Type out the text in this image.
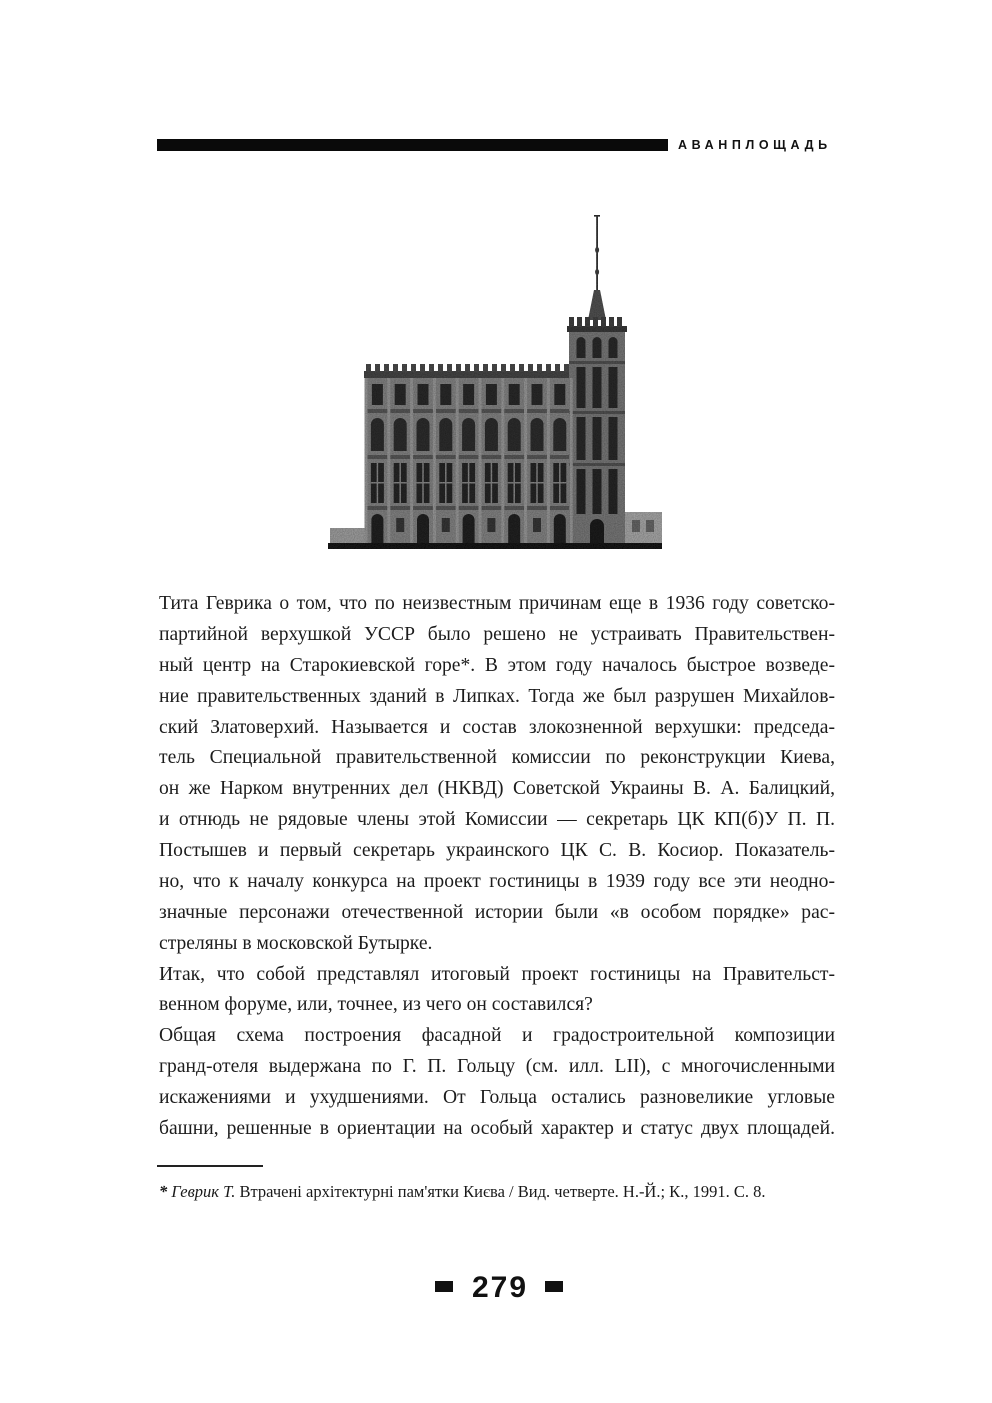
АВАНПЛОЩАДЬ
Тита Геврика о том, что по неизвестным причинам еще в 1936 году советско-
партийной верхушкой УССР было решено не устраивать Правительствен-
ный центр на Старокиевской горе*. В этом году началось быстрое возведе-
ние правительственных зданий в Липках. Тогда же был разрушен Михайлов-
ский Златоверхий. Называется и состав злокозненной верхушки: председа-
тель Специальной правительственной комиссии по реконструкции Киева,
он же Нарком внутренних дел (НКВД) Советской Украины В. А. Балицкий,
и отнюдь не рядовые члены этой Комиссии — секретарь ЦК КП(б)У П. П.
Постышев и первый секретарь украинского ЦК С. В. Косиор. Показатель-
но, что к началу конкурса на проект гостиницы в 1939 году все эти неодно-
значные персонажи отечественной истории были «в особом порядке» рас-
стреляны в московской Бутырке.
Итак, что собой представлял итоговый проект гостиницы на Правительст-
венном форуме, или, точнее, из чего он составился?
Общая схема построения фасадной и градостроительной композиции
гранд-отеля выдержана по Г. П. Гольцу (см. илл. LII), с многочисленными
искажениями и ухудшениями. От Гольца остались разновеликие угловые
башни, решенные в ориентации на особый характер и статус двух площадей.
* Геврик Т. Втрачені архітектурні пам'ятки Києва / Вид. четверте. Н.-Й.; К., 1991. С. 8.
279
